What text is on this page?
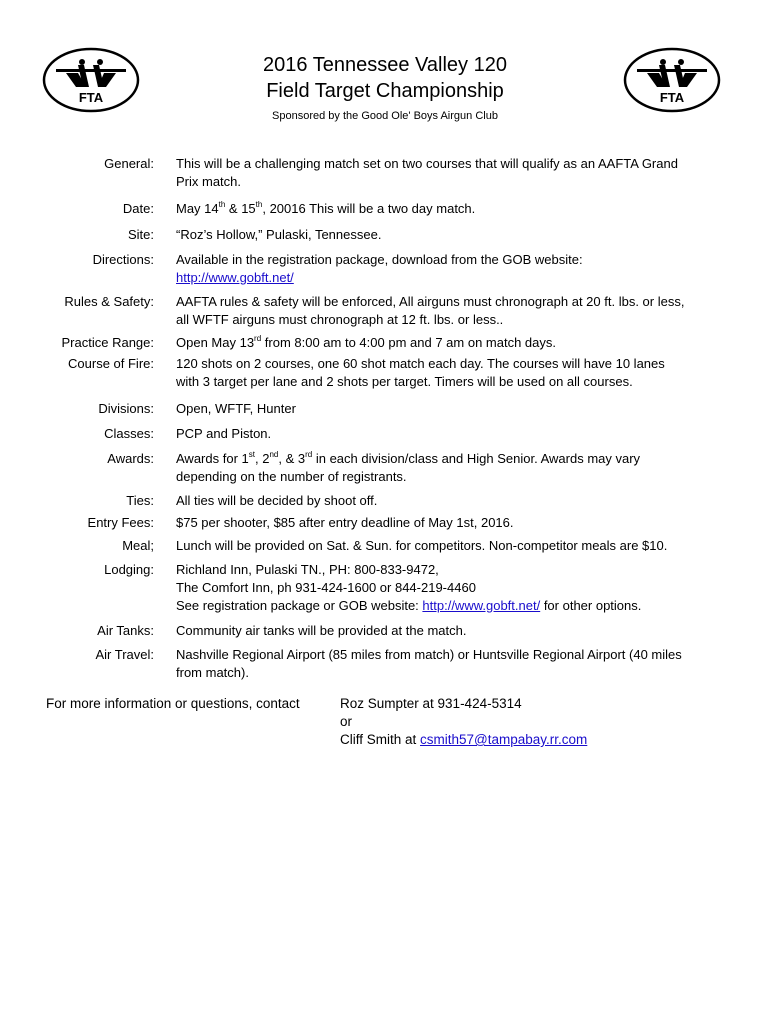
FTA	FTA
2016 Tennessee Valley 120
Field Target Championship
Sponsored by the Good Ole' Boys Airgun Club
General: This will be a challenging match set on two courses that will qualify as an AAFTA Grand
Prix match.
Date: May 14th & 15th, 20016 This will be a two day match.
Site: “Roz’s Hollow,” Pulaski, Tennessee.
Directions: Available in the registration package, download from the GOB website:
http://www.gobft.net/
Rules & Safety: AAFTA rules & safety will be enforced, All airguns must chronograph at 20 ft. lbs. or less,
all WFTF airguns must chronograph at 12 ft. lbs. or less..
Practice Range: Open May 13rd from 8:00 am to 4:00 pm and 7 am on match days.
Course of Fire: 120 shots on 2 courses, one 60 shot match each day. The courses will have 10 lanes
with 3 target per lane and 2 shots per target. Timers will be used on all courses.
Divisions: Open, WFTF, Hunter
Classes: PCP and Piston.
Awards: Awards for 1st, 2nd, & 3rd in each division/class and High Senior. Awards may vary
depending on the number of registrants.
Ties: All ties will be decided by shoot off.
Entry Fees: $75 per shooter, $85 after entry deadline of May 1st, 2016.
Meal; Lunch will be provided on Sat. & Sun. for competitors. Non-competitor meals are $10.
Lodging: Richland Inn, Pulaski TN., PH: 800-833-9472,
The Comfort Inn, ph 931-424-1600 or 844-219-4460
See registration package or GOB website: http://www.gobft.net/ for other options.
Air Tanks: Community air tanks will be provided at the match.
Air Travel: Nashville Regional Airport (85 miles from match) or Huntsville Regional Airport (40 miles
from match).
For more information or questions, contact	Roz Sumpter at 931-424-5314
or
Cliff Smith at csmith57@tampabay.rr.com
